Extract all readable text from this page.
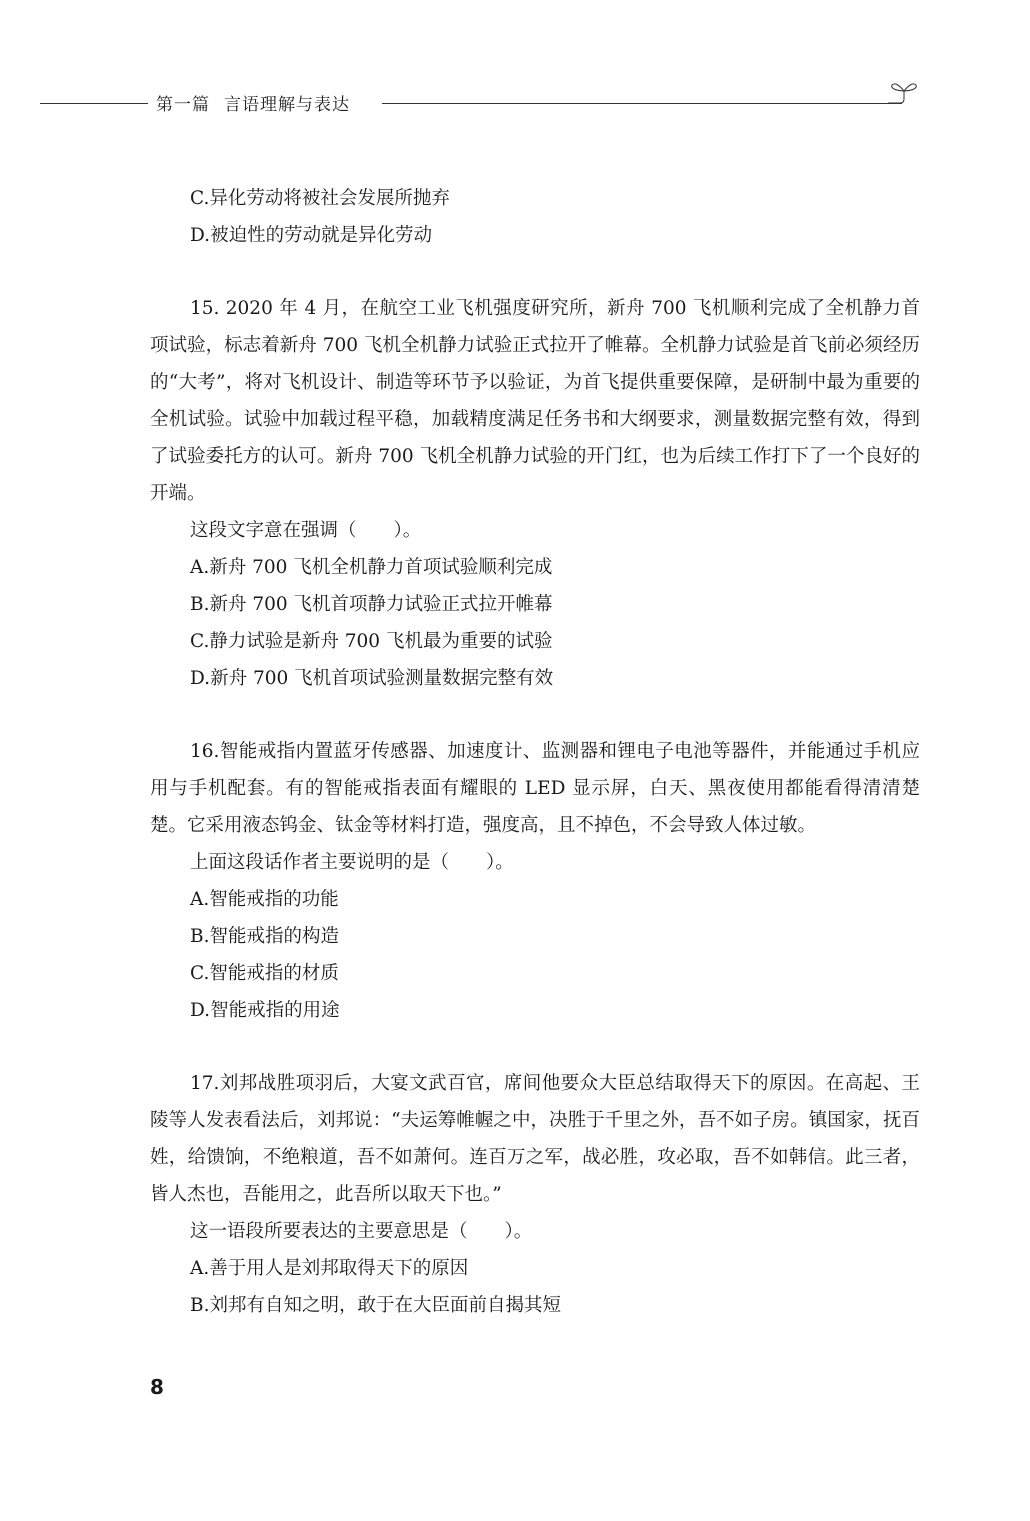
第一篇 言语理解与表达
C.异化劳动将被社会发展所抛弃
D.被迫性的劳动就是异化劳动

15. 2020 年 4 月，在航空工业飞机强度研究所，新舟 700 飞机顺利完成了全机静力首项试验，标志着新舟 700 飞机全机静力试验正式拉开了帷幕。全机静力试验是首飞前必须经历的“大考”，将对飞机设计、制造等环节予以验证，为首飞提供重要保障，是研制中最为重要的全机试验。试验中加载过程平稳，加载精度满足任务书和大纲要求，测量数据完整有效，得到了试验委托方的认可。新舟 700 飞机全机静力试验的开门红，也为后续工作打下了一个良好的开端。

这段文字意在强调（　　）。
A.新舟 700 飞机全机静力首项试验顺利完成
B.新舟 700 飞机首项静力试验正式拉开帷幕
C.静力试验是新舟 700 飞机最为重要的试验
D.新舟 700 飞机首项试验测量数据完整有效

16.智能戒指内置蓝牙传感器、加速度计、监测器和锂电子电池等器件，并能通过手机应用与手机配套。有的智能戒指表面有耀眼的 LED 显示屏，白天、黑夜使用都能看得清清楚楚。它采用液态钨金、钛金等材料打造，强度高，且不掉色，不会导致人体过敏。

上面这段话作者主要说明的是（　　）。
A.智能戒指的功能
B.智能戒指的构造
C.智能戒指的材质
D.智能戒指的用途

17.刘邦战胜项羽后，大宴文武百官，席间他要众大臣总结取得天下的原因。在高起、王陵等人发表看法后，刘邦说：“夫运筹帷幄之中，决胜于千里之外，吾不如子房。镇国家，抚百姓，给馈饷，不绝粮道，吾不如萧何。连百万之军，战必胜，攻必取，吾不如韩信。此三者，皆人杰也，吾能用之，此吾所以取天下也。”

这一语段所要表达的主要意思是（　　）。
A.善于用人是刘邦取得天下的原因
B.刘邦有自知之明，敢于在大臣面前自揭其短
8
